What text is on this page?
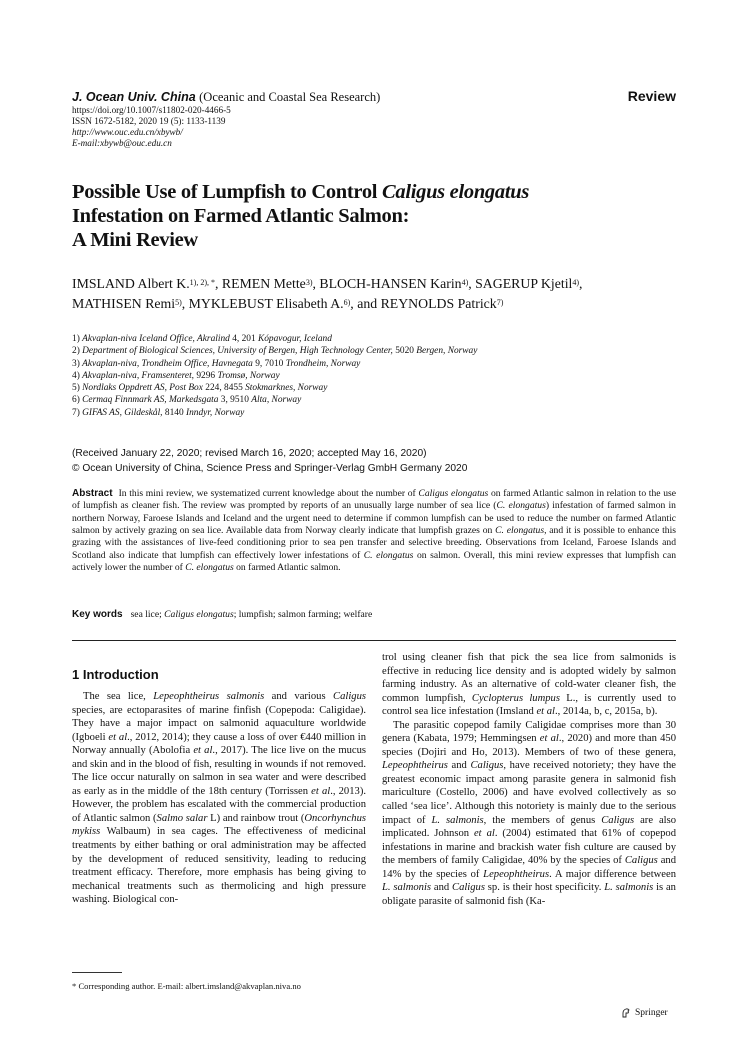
J. Ocean Univ. China (Oceanic and Coastal Sea Research)
https://doi.org/10.1007/s11802-020-4466-5
ISSN 1672-5182, 2020 19 (5): 1133-1139
http://www.ouc.edu.cn/xbywb/
E-mail:xbywb@ouc.edu.cn
Review
Possible Use of Lumpfish to Control Caligus elongatus
Infestation on Farmed Atlantic Salmon:
A Mini Review
IMSLAND Albert K.$^{1), 2), *}$, REMEN Mette$^{3)}$, BLOCH-HANSEN Karin$^{4)}$, SAGERUP Kjetil$^{4)}$,
MATHISEN Remi$^{5)}$, MYKLEBUST Elisabeth A.$^{6)}$, and REYNOLDS Patrick$^{7)}$
1) Akvaplan-niva Iceland Office, Akralind 4, 201 Kópavogur, Iceland
2) Department of Biological Sciences, University of Bergen, High Technology Center, 5020 Bergen, Norway
3) Akvaplan-niva, Trondheim Office, Havnegata 9, 7010 Trondheim, Norway
4) Akvaplan-niva, Framsenteret, 9296 Tromsø, Norway
5) Nordlaks Oppdrett AS, Post Box 224, 8455 Stokmarknes, Norway
6) Cermaq Finnmark AS, Markedsgata 3, 9510 Alta, Norway
7) GIFAS AS, Gildeskål, 8140 Inndyr, Norway
(Received January 22, 2020; revised March 16, 2020; accepted May 16, 2020)
© Ocean University of China, Science Press and Springer-Verlag GmbH Germany 2020
Abstract In this mini review, we systematized current knowledge about the number of Caligus elongatus on farmed Atlantic salmon in relation to the use of lumpfish as cleaner fish. The review was prompted by reports of an unusually large number of sea lice (C. elongatus) infestation of farmed salmon in northern Norway, Faroese Islands and Iceland and the urgent need to determine if common lumpfish can be used to reduce the number on farmed Atlantic salmon by actively grazing on sea lice. Available data from Norway clearly indicate that lumpfish grazes on C. elongatus, and it is possible to enhance this grazing with the assistances of live-feed conditioning prior to sea pen transfer and selective breeding. Observations from Iceland, Faroese Islands and Scotland also indicate that lumpfish can effectively lower infestations of C. elongatus on salmon. Overall, this mini review expresses that lumpfish can actively lower the number of C. elongatus on farmed Atlantic salmon.
Key words sea lice; Caligus elongatus; lumpfish; salmon farming; welfare
1 Introduction

The sea lice, Lepeophtheirus salmonis and various Caligus species, are ectoparasites of marine finfish (Copepoda: Caligidae). They have a major impact on salmonid aquaculture worldwide (Igboeli et al., 2012, 2014); they cause a loss of over €440 million in Norway annually (Abolofia et al., 2017). The lice live on the mucus and skin and in the blood of fish, resulting in wounds if not removed. The lice occur naturally on salmon in sea water and were described as early as in the middle of the 18th century (Torrissen et al., 2013). However, the problem has escalated with the commercial production of Atlantic salmon (Salmo salar L) and rainbow trout (Oncorhynchus mykiss Walbaum) in sea cages. The effectiveness of medicinal treatments by either bathing or oral administration may be affected by the development of reduced sensitivity, leading to reducing treatment efficacy. Therefore, more emphasis has being giving to mechanical treatments such as thermolicing and high pressure washing. Biological con-

trol using cleaner fish that pick the sea lice from salmonids is effective in reducing lice density and is adopted widely by salmon farming industry. As an alternative of cold-water cleaner fish, the common lumpfish, Cyclopterus lumpus L., is currently used to control sea lice infestation (Imsland et al., 2014a, b, c, 2015a, b).

The parasitic copepod family Caligidae comprises more than 30 genera (Kabata, 1979; Hemmingsen et al., 2020) and more than 450 species (Dojiri and Ho, 2013). Members of two of these genera, Lepeophtheirus and Caligus, have received notoriety; they have the greatest economic impact among parasite genera in salmonid fish mariculture (Costello, 2006) and have evolved collectively as so called ‘sea lice’. Although this notoriety is mainly due to the serious impact of L. salmonis, the members of genus Caligus are also implicated. Johnson et al. (2004) estimated that 61% of copepod infestations in marine and brackish water fish culture are caused by the members of family Caligidae, 40% by the species of Caligus and 14% by the species of Lepeophtheirus. A major difference between L. salmonis and Caligus sp. is their host specificity. L. salmonis is an obligate parasite of salmonid fish (Ka-

* Corresponding author. E-mail: albert.imsland@akvaplan.niva.no
Springer
